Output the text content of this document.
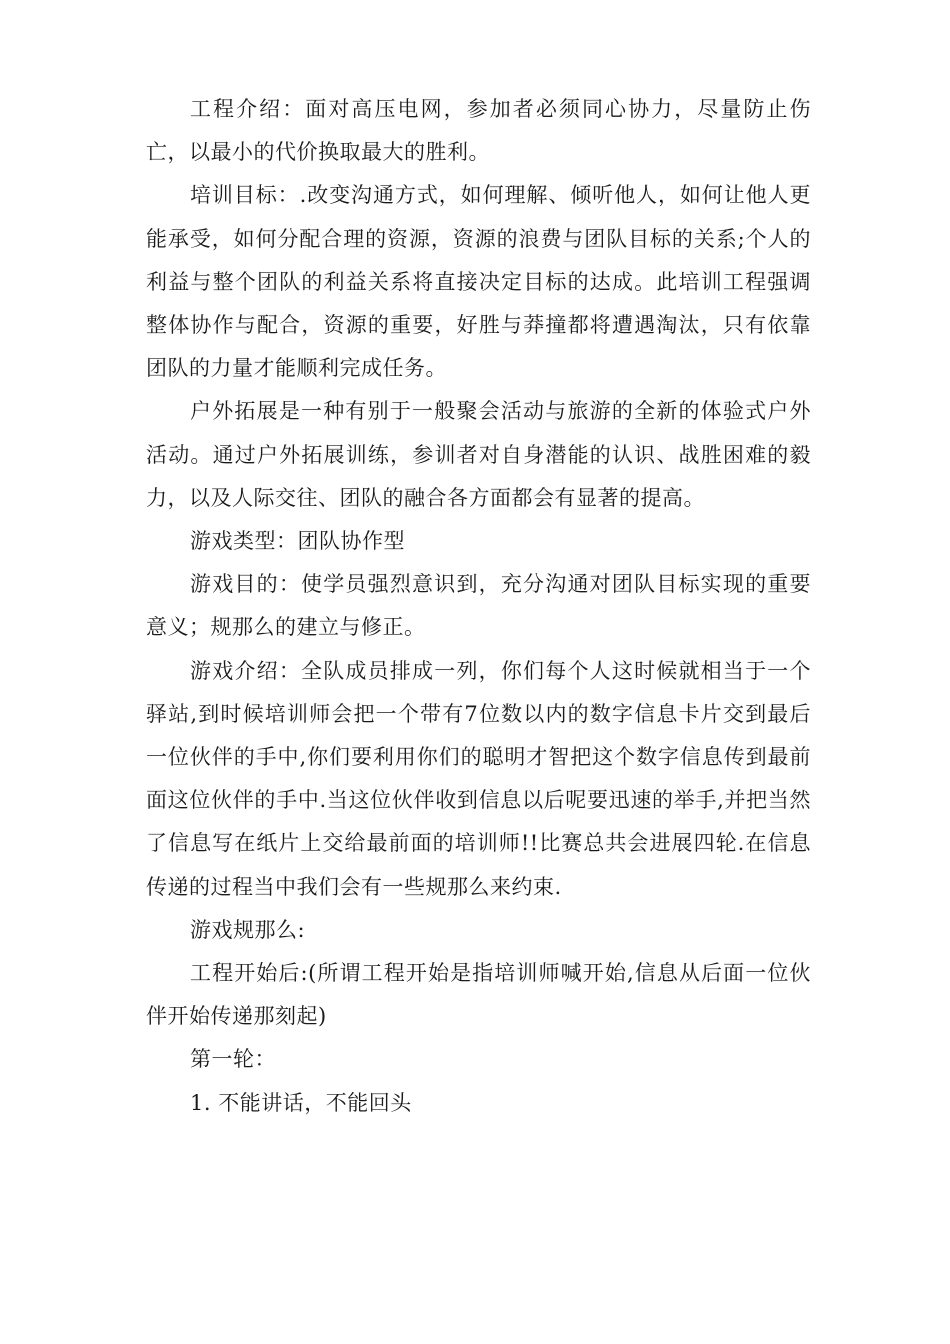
工程介绍：面对高压电网，参加者必须同心协力，尽量防止伤亡，以最小的代价换取最大的胜利。

培训目标：.改变沟通方式，如何理解、倾听他人，如何让他人更能承受，如何分配合理的资源，资源的浪费与团队目标的关系;个人的利益与整个团队的利益关系将直接决定目标的达成。此培训工程强调整体协作与配合，资源的重要，好胜与莽撞都将遭遇淘汰，只有依靠团队的力量才能顺利完成任务。

户外拓展是一种有别于一般聚会活动与旅游的全新的体验式户外活动。通过户外拓展训练，参训者对自身潜能的认识、战胜困难的毅力，以及人际交往、团队的融合各方面都会有显著的提高。

游戏类型：团队协作型

游戏目的：使学员强烈意识到，充分沟通对团队目标实现的重要意义；规那么的建立与修正。

游戏介绍：全队成员排成一列，你们每个人这时候就相当于一个驿站,到时候培训师会把一个带有7位数以内的数字信息卡片交到最后一位伙伴的手中,你们要利用你们的聪明才智把这个数字信息传到最前面这位伙伴的手中.当这位伙伴收到信息以后呢要迅速的举手,并把当然了信息写在纸片上交给最前面的培训师!!比赛总共会进展四轮.在信息传递的过程当中我们会有一些规那么来约束.

游戏规那么:

工程开始后:(所谓工程开始是指培训师喊开始,信息从后面一位伙伴开始传递那刻起)

第一轮：

1. 不能讲话，不能回头
